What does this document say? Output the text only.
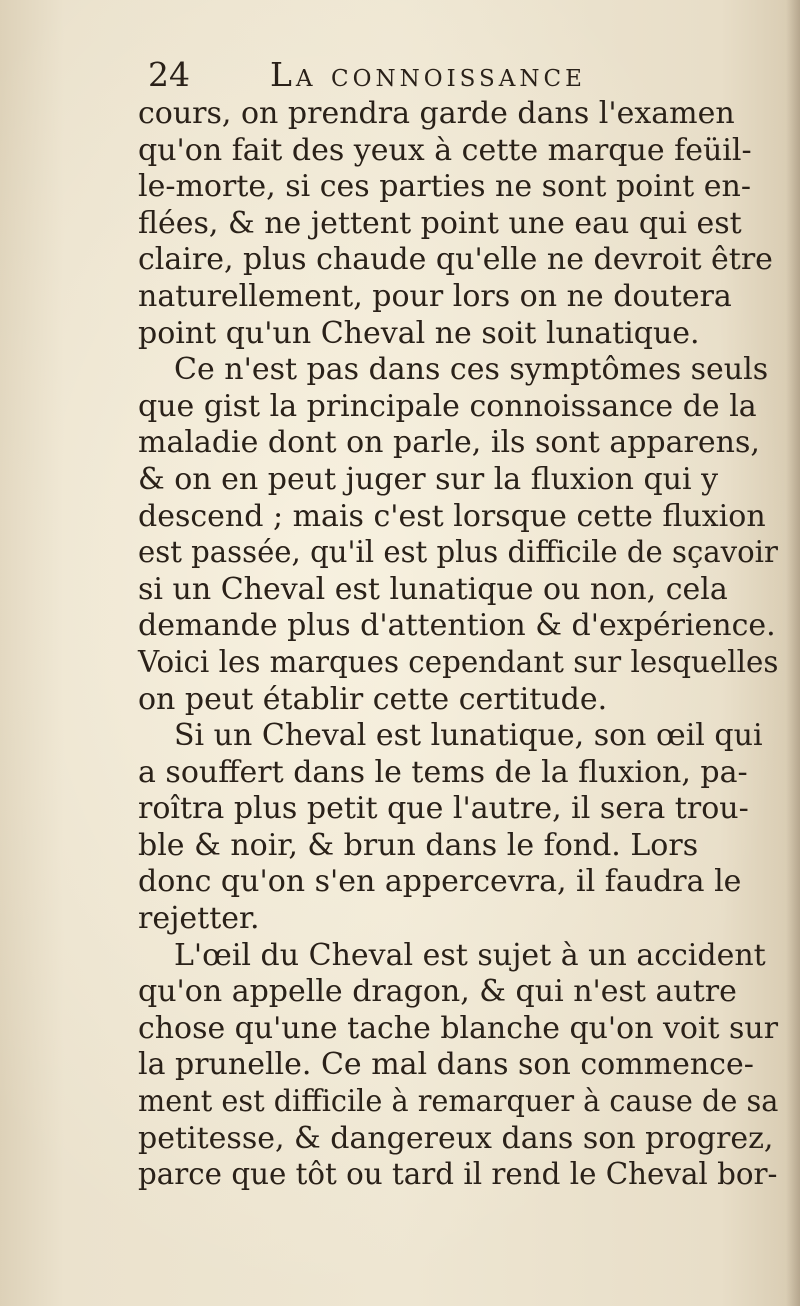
24 La connoissance
cours, on prendra garde dans l'examen
qu'on fait des yeux à cette marque feüil-
le-morte, si ces parties ne sont point en-
flées, & ne jettent point une eau qui est
claire, plus chaude qu'elle ne devroit être
naturellement, pour lors on ne doutera
point qu'un Cheval ne soit lunatique.
Ce n'est pas dans ces symptômes seuls
que gist la principale connoissance de la
maladie dont on parle, ils sont apparens,
& on en peut juger sur la fluxion qui y
descend ; mais c'est lorsque cette fluxion
est passée, qu'il est plus difficile de sçavoir
si un Cheval est lunatique ou non, cela
demande plus d'attention & d'expérience.
Voici les marques cependant sur lesquelles
on peut établir cette certitude.
Si un Cheval est lunatique, son œil qui
a souffert dans le tems de la fluxion, pa-
roîtra plus petit que l'autre, il sera trou-
ble & noir, & brun dans le fond. Lors
donc qu'on s'en appercevra, il faudra le
rejetter.
L'œil du Cheval est sujet à un accident
qu'on appelle dragon, & qui n'est autre
chose qu'une tache blanche qu'on voit sur
la prunelle. Ce mal dans son commence-
ment est difficile à remarquer à cause de sa
petitesse, & dangereux dans son progrez,
parce que tôt ou tard il rend le Cheval bor-
